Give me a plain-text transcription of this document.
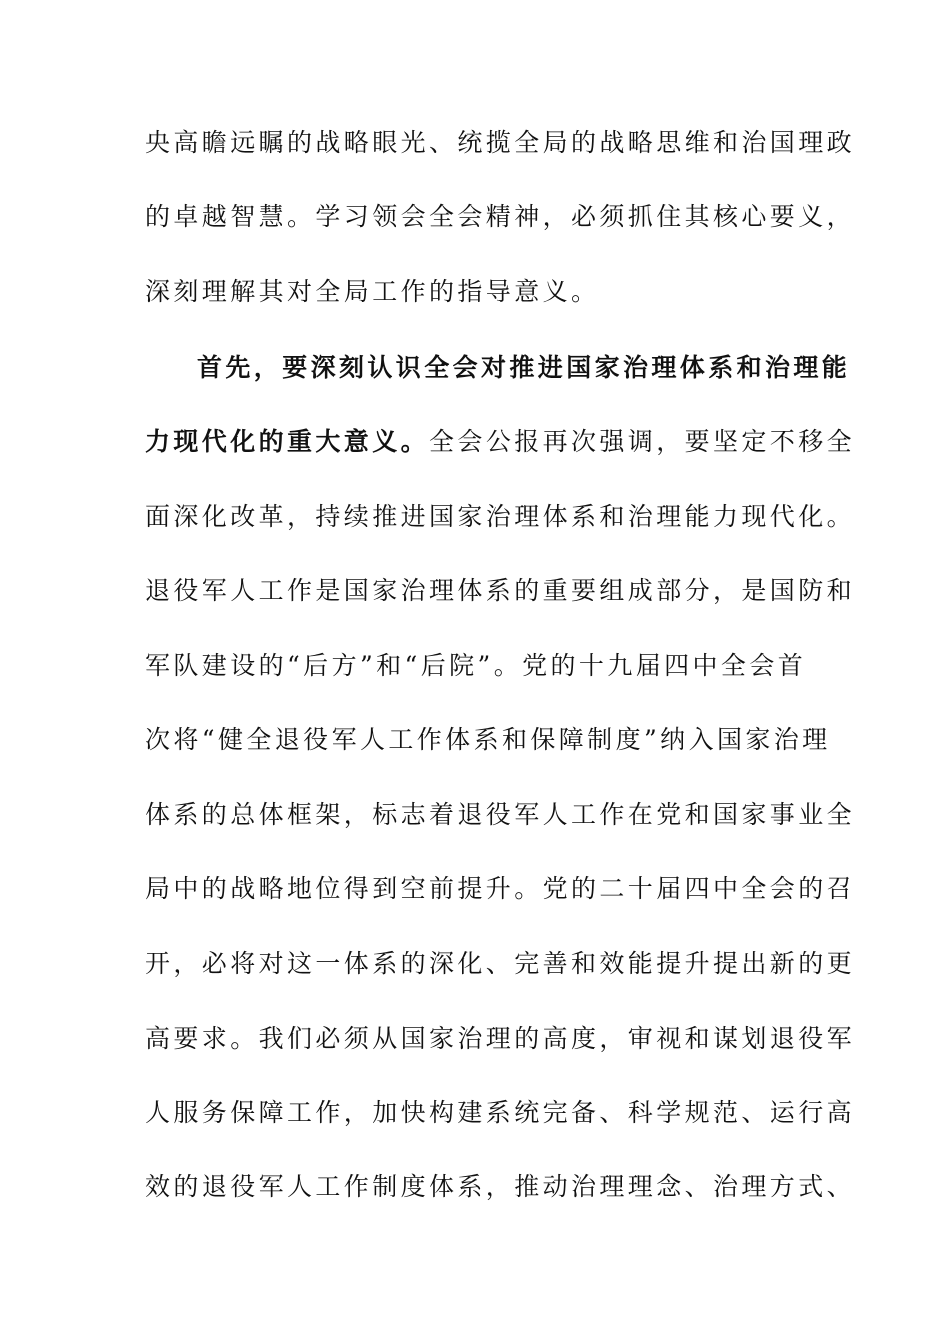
央高瞻远瞩的战略眼光、统揽全局的战略思维和治国理政
的卓越智慧。学习领会全会精神，必须抓住其核心要义，
深刻理解其对全局工作的指导意义。
首先，要深刻认识全会对推进国家治理体系和治理能
力现代化的重大意义。全会公报再次强调，要坚定不移全
面深化改革，持续推进国家治理体系和治理能力现代化。
退役军人工作是国家治理体系的重要组成部分，是国防和
军队建设的“后方”和“后院”。党的十九届四中全会首
次将“健全退役军人工作体系和保障制度”纳入国家治理
体系的总体框架，标志着退役军人工作在党和国家事业全
局中的战略地位得到空前提升。党的二十届四中全会的召
开，必将对这一体系的深化、完善和效能提升提出新的更
高要求。我们必须从国家治理的高度，审视和谋划退役军
人服务保障工作，加快构建系统完备、科学规范、运行高
效的退役军人工作制度体系，推动治理理念、治理方式、
